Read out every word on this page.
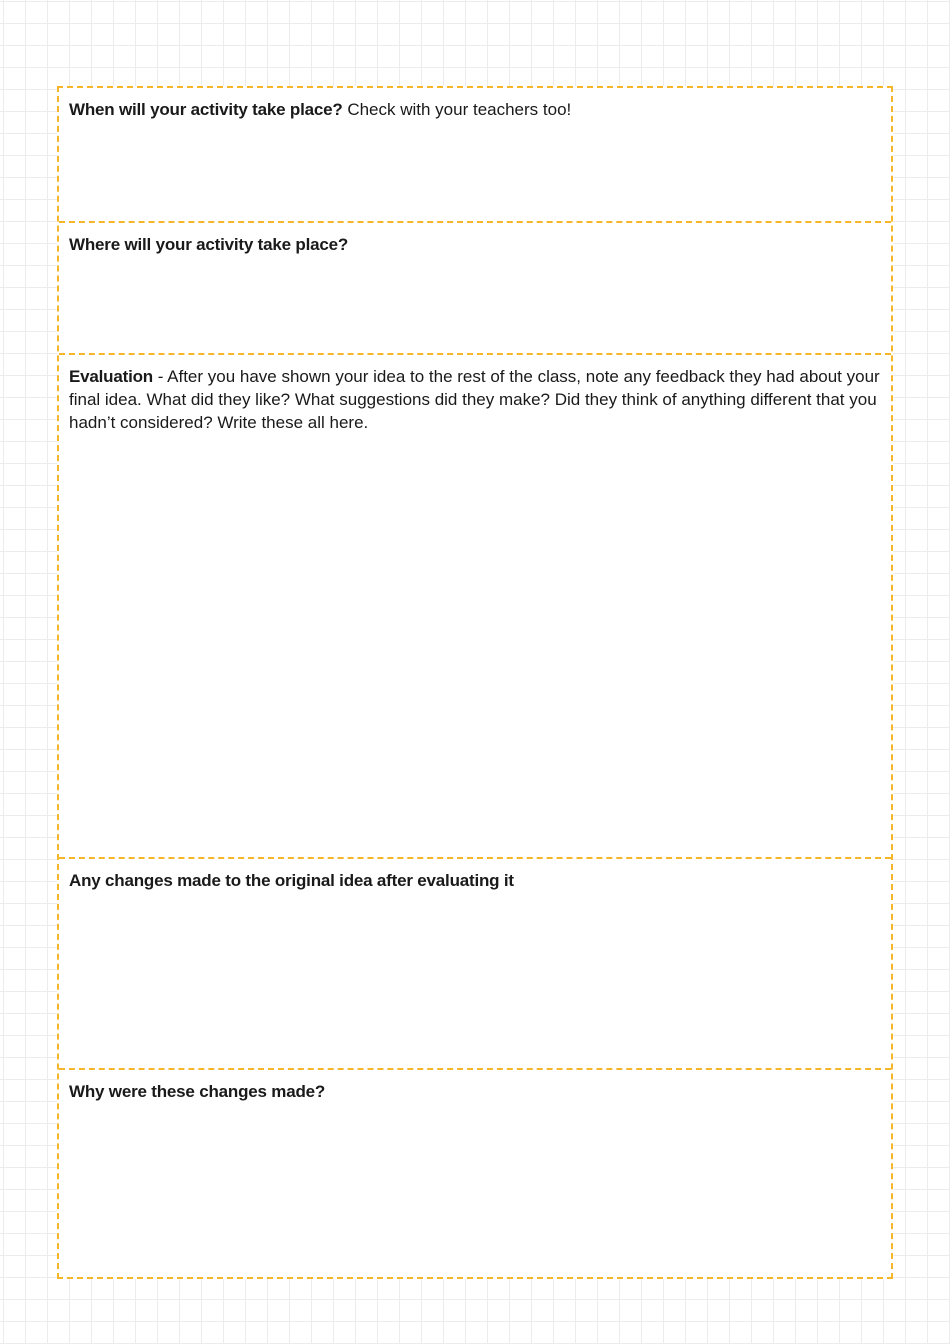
When will your activity take place? Check with your teachers too!
Where will your activity take place?
Evaluation - After you have shown your idea to the rest of the class, note any feedback they had about your final idea. What did they like? What suggestions did they make? Did they think of anything different that you hadn’t considered? Write these all here.
Any changes made to the original idea after evaluating it
Why were these changes made?
